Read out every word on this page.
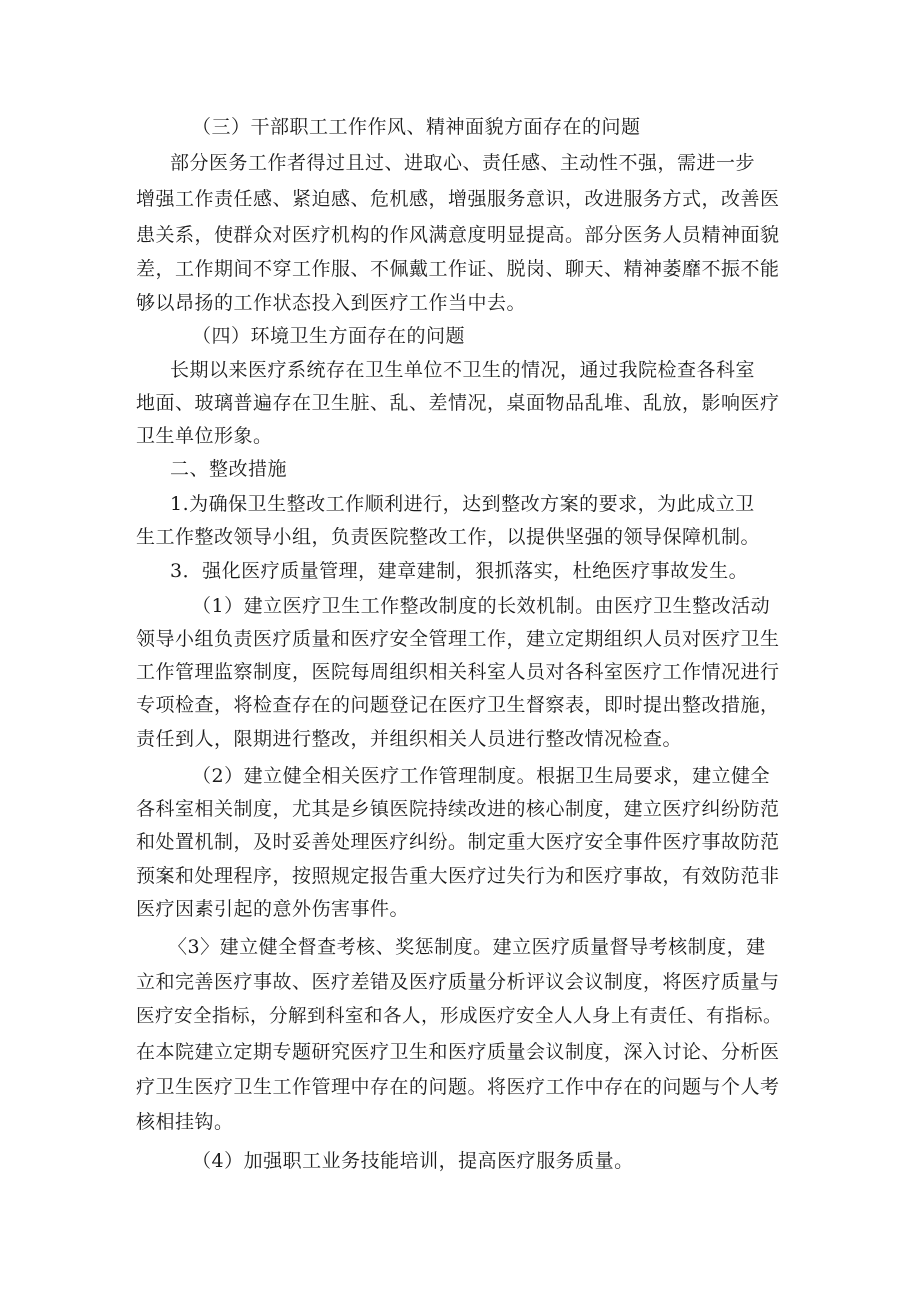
（三）干部职工工作作风、精神面貌方面存在的问题
部分医务工作者得过且过、进取心、责任感、主动性不强，需进一步
增强工作责任感、紧迫感、危机感，增强服务意识，改进服务方式，改善医
患关系，使群众对医疗机构的作风满意度明显提高。部分医务人员精神面貌
差，工作期间不穿工作服、不佩戴工作证、脱岗、聊天、精神萎靡不振不能
够以昂扬的工作状态投入到医疗工作当中去。
（四）环境卫生方面存在的问题
长期以来医疗系统存在卫生单位不卫生的情况，通过我院检查各科室
地面、玻璃普遍存在卫生脏、乱、差情况，桌面物品乱堆、乱放，影响医疗
卫生单位形象。
二、整改措施
1.为确保卫生整改工作顺利进行，达到整改方案的要求，为此成立卫
生工作整改领导小组，负责医院整改工作，以提供坚强的领导保障机制。
3．强化医疗质量管理，建章建制，狠抓落实，杜绝医疗事故发生。
（1）建立医疗卫生工作整改制度的长效机制。由医疗卫生整改活动
领导小组负责医疗质量和医疗安全管理工作，建立定期组织人员对医疗卫生
工作管理监察制度，医院每周组织相关科室人员对各科室医疗工作情况进行
专项检查，将检查存在的问题登记在医疗卫生督察表，即时提出整改措施，
责任到人，限期进行整改，并组织相关人员进行整改情况检查。
（2）建立健全相关医疗工作管理制度。根据卫生局要求，建立健全
各科室相关制度，尤其是乡镇医院持续改进的核心制度，建立医疗纠纷防范
和处置机制，及时妥善处理医疗纠纷。制定重大医疗安全事件医疗事故防范
预案和处理程序，按照规定报告重大医疗过失行为和医疗事故，有效防范非
医疗因素引起的意外伤害事件。
〈3〉建立健全督查考核、奖惩制度。建立医疗质量督导考核制度，建
立和完善医疗事故、医疗差错及医疗质量分析评议会议制度，将医疗质量与
医疗安全指标，分解到科室和各人，形成医疗安全人人身上有责任、有指标。
在本院建立定期专题研究医疗卫生和医疗质量会议制度，深入讨论、分析医
疗卫生医疗卫生工作管理中存在的问题。将医疗工作中存在的问题与个人考
核相挂钩。
（4）加强职工业务技能培训，提高医疗服务质量。
